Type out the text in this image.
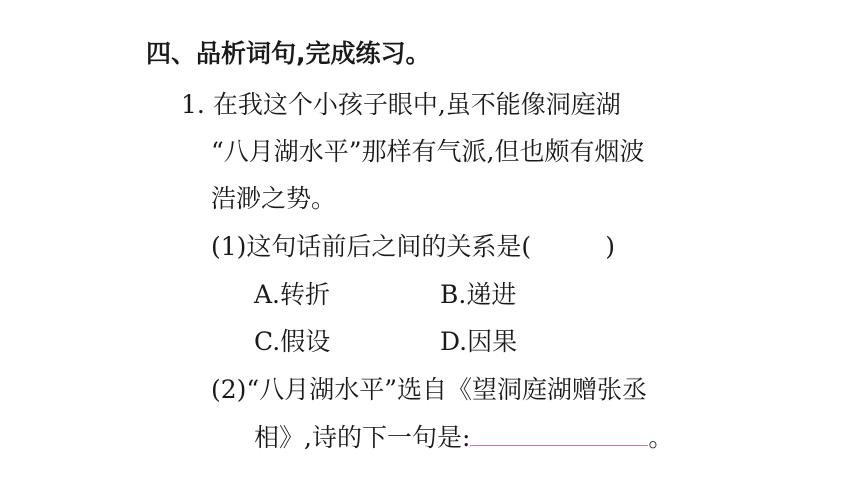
四、品析词句,完成练习。
1. 在我这个小孩子眼中,虽不能像洞庭湖
“八月湖水平”那样有气派,但也颇有烟波
浩渺之势。
(1)这句话前后之间的关系是(	)
A.转折	B.递进
C.假设	D.因果
(2)“八月湖水平”选自《望洞庭湖赠张丞
相》,诗的下一句是:	。
